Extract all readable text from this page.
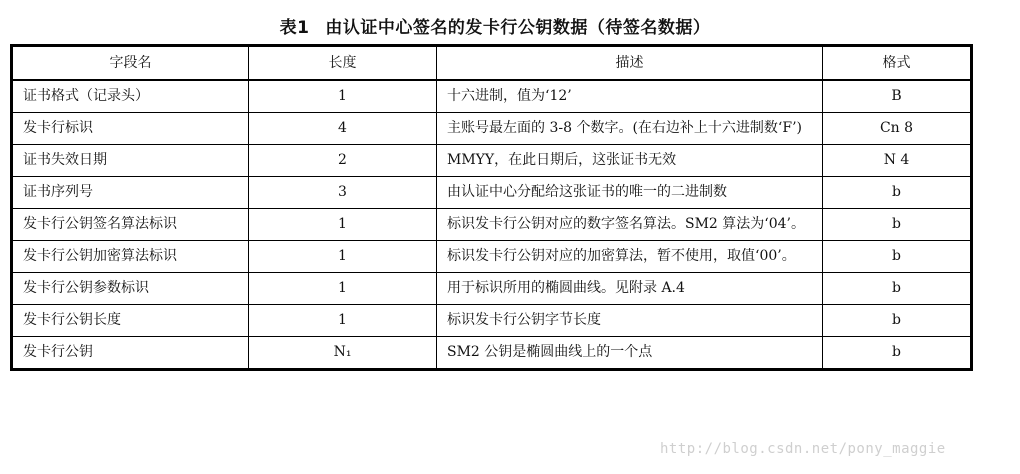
表1 由认证中心签名的发卡行公钥数据（待签名数据）
字段名	长度	描述	格式
证书格式（记录头）	1	十六进制，值为‘12’	B
发卡行标识	4	主账号最左面的 3-8 个数字。(在右边补上十六进制数‘F’)	Cn 8
证书失效日期	2	MMYY，在此日期后，这张证书无效	N 4
证书序列号	3	由认证中心分配给这张证书的唯一的二进制数	b
发卡行公钥签名算法标识	1	标识发卡行公钥对应的数字签名算法。SM2 算法为‘04’。	b
发卡行公钥加密算法标识	1	标识发卡行公钥对应的加密算法，暂不使用，取值‘00’。	b
发卡行公钥参数标识	1	用于标识所用的椭圆曲线。见附录 A.4	b
发卡行公钥长度	1	标识发卡行公钥字节长度	b
发卡行公钥	N₁	SM2 公钥是椭圆曲线上的一个点	b
http://blog.csdn.net/pony_maggie
